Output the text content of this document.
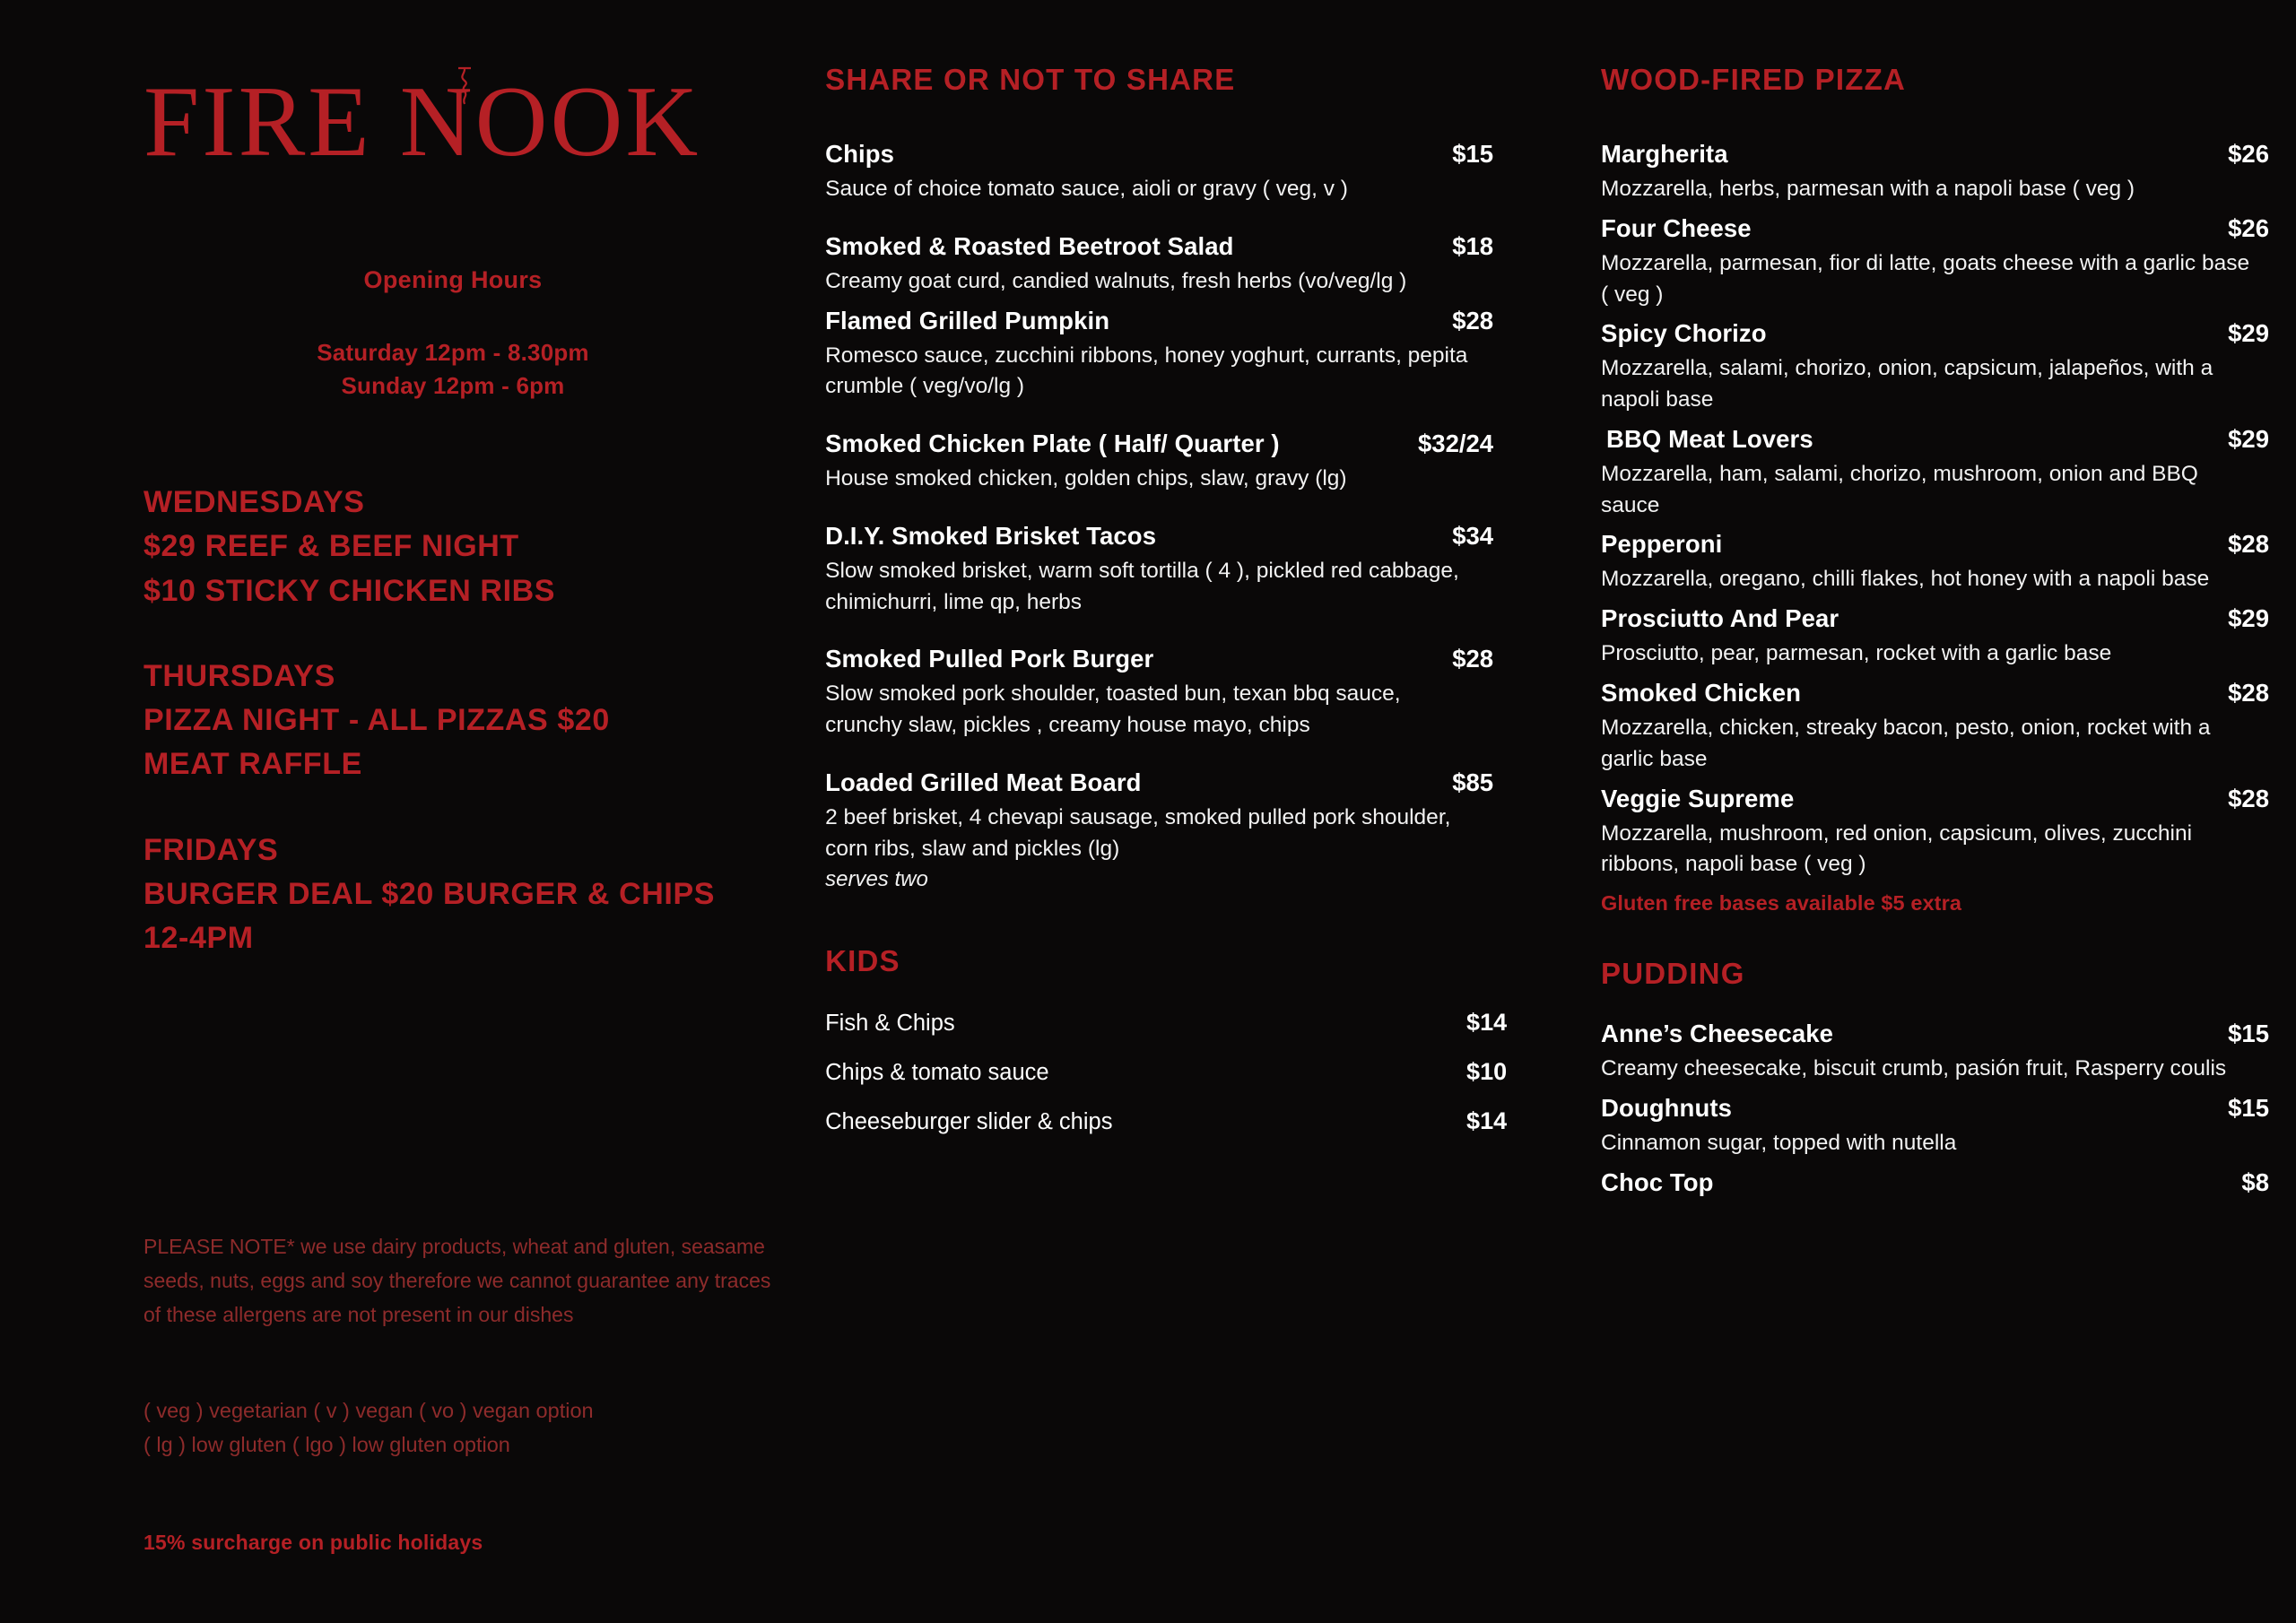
FIRE NOOK
Opening Hours
Saturday 12pm - 8.30pm
Sunday 12pm - 6pm
WEDNESDAYS
$29 REEF & BEEF NIGHT
$10 STICKY CHICKEN RIBS
THURSDAYS
PIZZA NIGHT - ALL PIZZAS $20
MEAT RAFFLE
FRIDAYS
BURGER DEAL $20 BURGER & CHIPS
12-4PM
PLEASE NOTE* we use dairy products, wheat and gluten, seasame seeds, nuts, eggs and soy therefore we cannot guarantee any traces of these allergens are not present in our dishes
( veg ) vegetarian ( v ) vegan ( vo ) vegan option
( lg ) low gluten ( lgo ) low gluten option
15% surcharge on public holidays
SHARE OR NOT TO SHARE
Chips	$15
Sauce of choice tomato sauce, aioli or gravy ( veg, v )
Smoked & Roasted Beetroot Salad	$18
Creamy goat curd, candied walnuts, fresh herbs (vo/veg/lg )
Flamed Grilled Pumpkin	$28
Romesco sauce, zucchini ribbons, honey yoghurt, currants, pepita crumble ( veg/vo/lg )
Smoked Chicken Plate ( Half/ Quarter )	$32/24
House smoked chicken, golden chips, slaw, gravy (lg)
D.I.Y. Smoked Brisket Tacos	$34
Slow smoked brisket, warm soft tortilla ( 4 ), pickled red cabbage, chimichurri, lime qp, herbs
Smoked Pulled Pork Burger	$28
Slow smoked pork shoulder, toasted bun, texan bbq sauce, crunchy slaw, pickles , creamy house mayo, chips
Loaded Grilled Meat Board	$85
2 beef brisket, 4 chevapi sausage, smoked pulled pork shoulder, corn ribs, slaw and pickles (lg)
serves two
KIDS
Fish & Chips	$14
Chips & tomato sauce	$10
Cheeseburger slider & chips	$14
WOOD-FIRED PIZZA
Margherita	$26
Mozzarella, herbs, parmesan with a napoli base ( veg )
Four Cheese	$26
Mozzarella, parmesan, fior di latte, goats cheese with a garlic base ( veg )
Spicy Chorizo	$29
Mozzarella, salami, chorizo, onion, capsicum, jalapeños, with a napoli base
BBQ Meat Lovers	$29
Mozzarella, ham, salami, chorizo, mushroom, onion and BBQ sauce
Pepperoni	$28
Mozzarella, oregano, chilli flakes, hot honey with a napoli base
Prosciutto And Pear	$29
Prosciutto, pear, parmesan, rocket with a garlic base
Smoked Chicken	$28
Mozzarella, chicken, streaky bacon, pesto, onion, rocket with a garlic base
Veggie Supreme	$28
Mozzarella, mushroom, red onion, capsicum, olives, zucchini ribbons, napoli base ( veg )
Gluten free bases available $5 extra
PUDDING
Anne’s Cheesecake	$15
Creamy cheesecake, biscuit crumb, pasión fruit, Rasperry coulis
Doughnuts	$15
Cinnamon sugar, topped with nutella
Choc Top	$8
